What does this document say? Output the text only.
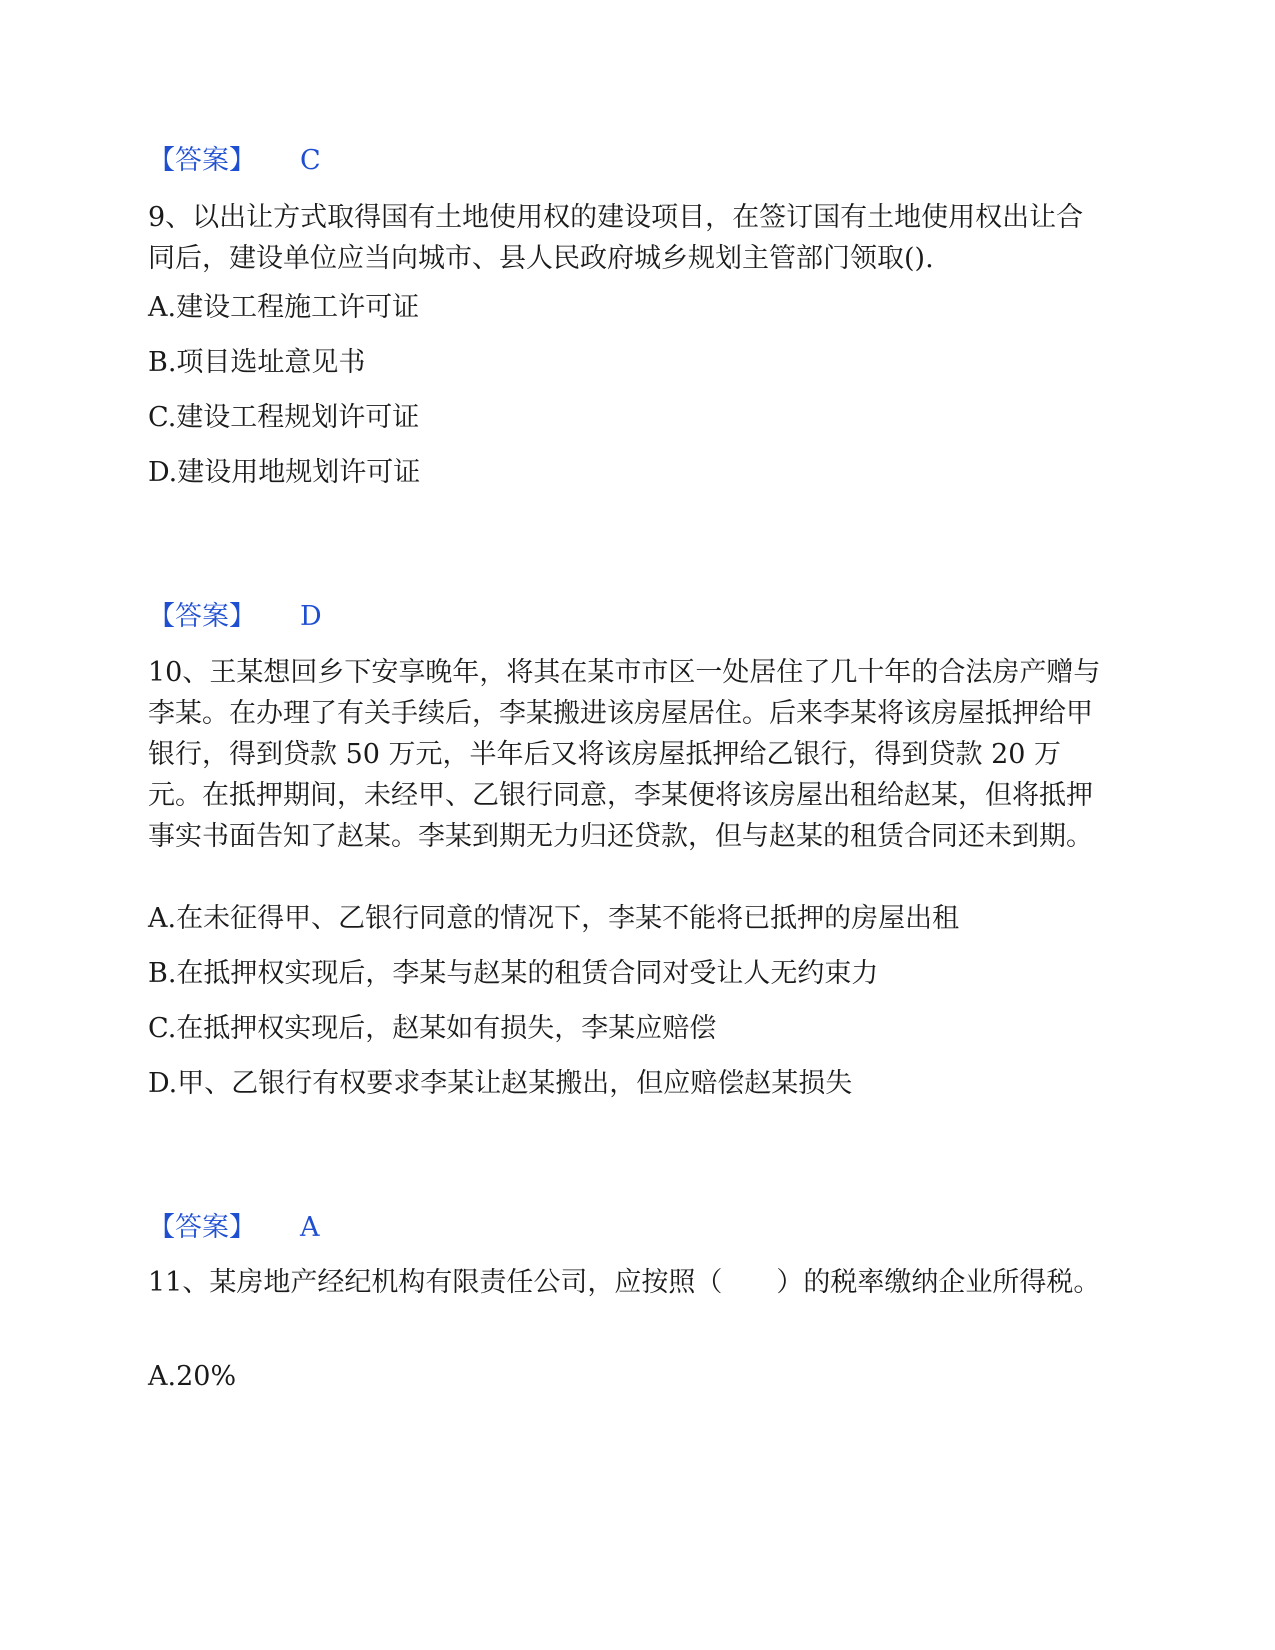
【答案】 C
9、以出让方式取得国有土地使用权的建设项目，在签订国有土地使用权出让合同后，建设单位应当向城市、县人民政府城乡规划主管部门领取().
A.建设工程施工许可证
B.项目选址意见书
C.建设工程规划许可证
D.建设用地规划许可证
【答案】 D
10、王某想回乡下安享晚年，将其在某市市区一处居住了几十年的合法房产赠与李某。在办理了有关手续后，李某搬进该房屋居住。后来李某将该房屋抵押给甲银行，得到贷款 50 万元，半年后又将该房屋抵押给乙银行，得到贷款 20 万元。在抵押期间，未经甲、乙银行同意，李某便将该房屋出租给赵某，但将抵押事实书面告知了赵某。李某到期无力归还贷款，但与赵某的租赁合同还未到期。
A.在未征得甲、乙银行同意的情况下，李某不能将已抵押的房屋出租
B.在抵押权实现后，李某与赵某的租赁合同对受让人无约束力
C.在抵押权实现后，赵某如有损失，李某应赔偿
D.甲、乙银行有权要求李某让赵某搬出，但应赔偿赵某损失
【答案】 A
11、某房地产经纪机构有限责任公司，应按照（　　）的税率缴纳企业所得税。
A.20%
